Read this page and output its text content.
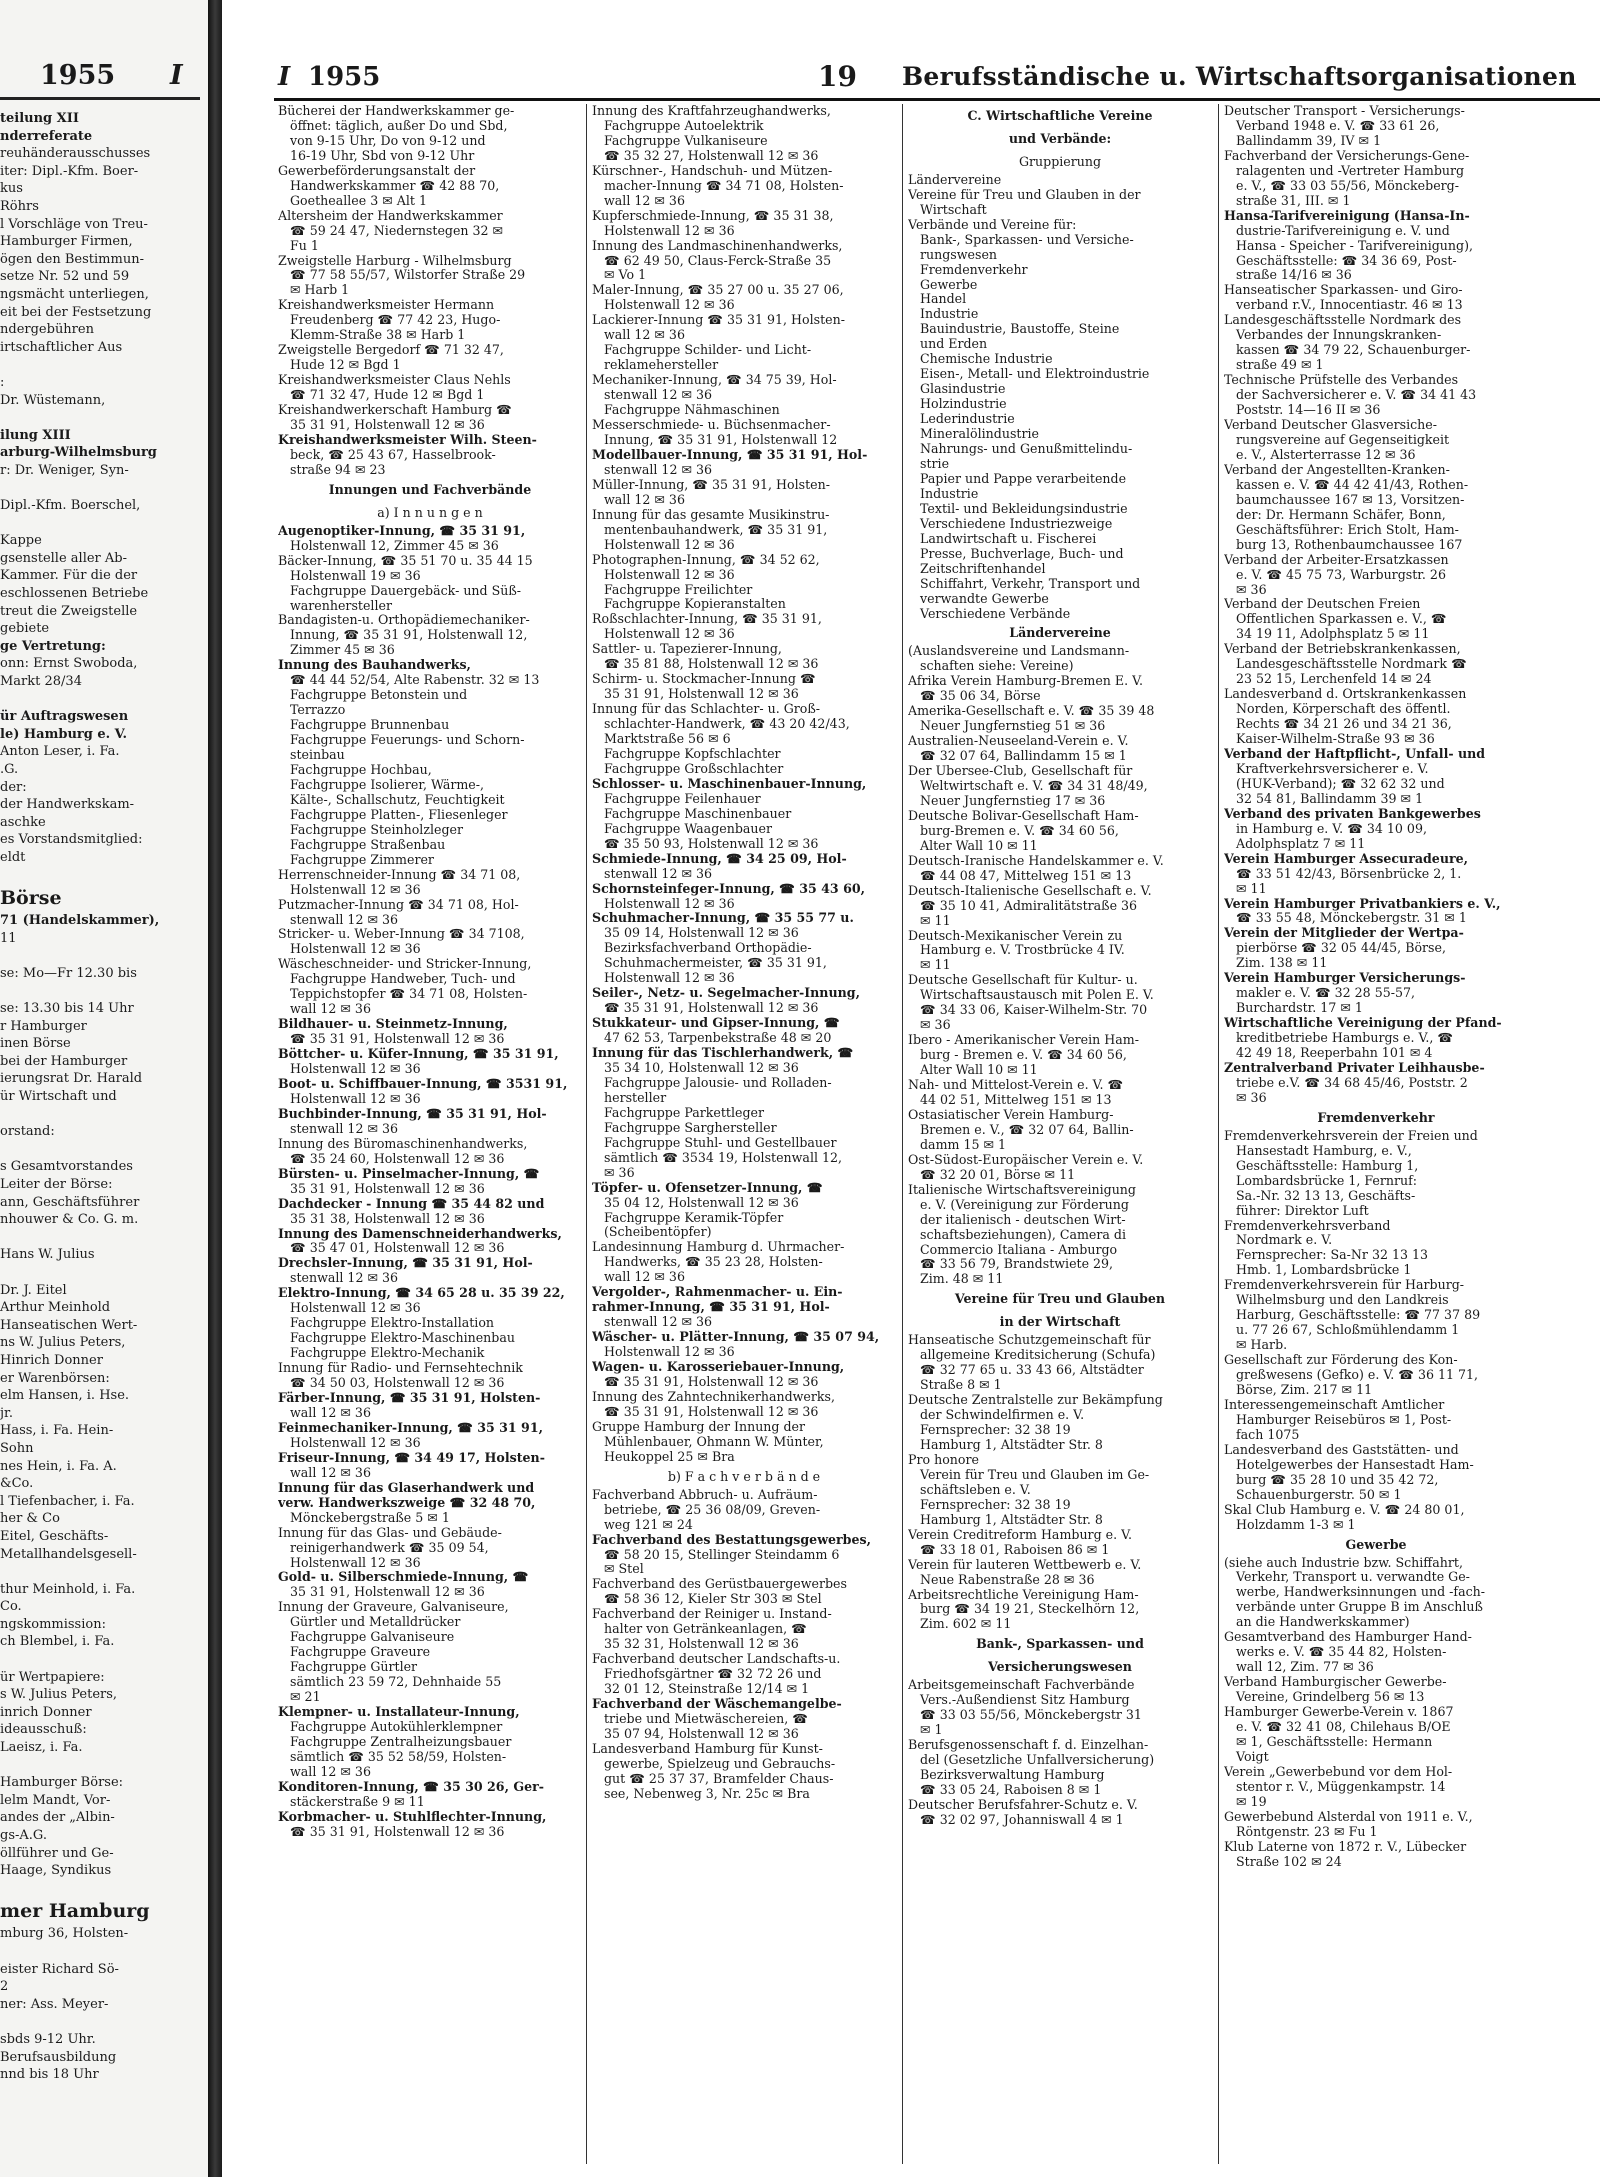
1955 I
teilung XII
nderreferate
reuhänderausschusses
iter: Dipl.-Kfm. Boer-
kus
Röhrs
l Vorschläge von Treu-
Hamburger Firmen,
ögen den Bestimmun-
setze Nr. 52 und 59
ngsmächt unterliegen,
eit bei der Festsetzung
ndergebühren
irtschaftlicher Aus

:
Dr. Wüstemann,

ilung XIII
arburg-Wilhelmsburg
r: Dr. Weniger, Syn-

Dipl.-Kfm. Boerschel,

Kappe
gsenstelle aller Ab-
Kammer. Für die der
eschlossenen Betriebe
treut die Zweigstelle
gebiete
ge Vertretung:
onn: Ernst Swoboda,
Markt 28/34

ür Auftragswesen
le) Hamburg e. V.
Anton Leser, i. Fa.
.G.
der:
der Handwerkskam-
aschke
es Vorstandsmitglied:
eldt

Börse
71 (Handelskammer),
11

se: Mo—Fr 12.30 bis

se: 13.30 bis 14 Uhr
r Hamburger
inen Börse
bei der Hamburger
ierungsrat Dr. Harald
ür Wirtschaft und

orstand:

s Gesamtvorstandes
Leiter der Börse:
ann, Geschäftsführer
nhouwer & Co. G. m.

Hans W. Julius

Dr. J. Eitel
Arthur Meinhold
Hanseatischen Wert-
ns W. Julius Peters,
Hinrich Donner
er Warenbörsen:
elm Hansen, i. Hse.
jr.
Hass, i. Fa. Hein-
Sohn
nes Hein, i. Fa. A.
&Co.
l Tiefenbacher, i. Fa.
her & Co
Eitel, Geschäfts-
Metallhandelsgesell-

thur Meinhold, i. Fa.
Co.
ngskommission:
ch Blembel, i. Fa.

ür Wertpapiere:
s W. Julius Peters,
inrich Donner
ideausschuß:
Laeisz, i. Fa.

Hamburger Börse:
lelm Mandt, Vor-
andes der „Albin-
gs-A.G.
öllführer und Ge-
Haage, Syndikus

mer Hamburg
mburg 36, Holsten-

eister Richard Sö-
2
ner: Ass. Meyer-

sbds 9-12 Uhr.
Berufsausbildung
nnd bis 18 Uhr
I 1955	19 Berufsständische u. Wirtschaftsorganisationen
Bücherei der Handwerkskammer ge-
öffnet: täglich, außer Do und Sbd,
von 9-15 Uhr, Do von 9-12 und
16-19 Uhr, Sbd von 9-12 Uhr
Gewerbeförderungsanstalt der
Handwerkskammer ☎ 42 88 70,
Goetheallee 3 ✉ Alt 1
Altersheim der Handwerkskammer
☎ 59 24 47, Niedernstegen 32 ✉
Fu 1
Zweigstelle Harburg - Wilhelmsburg
☎ 77 58 55/57, Wilstorfer Straße 29
✉ Harb 1
Kreishandwerksmeister Hermann
Freudenberg ☎ 77 42 23, Hugo-
Klemm-Straße 38 ✉ Harb 1
Zweigstelle Bergedorf ☎ 71 32 47,
Hude 12 ✉ Bgd 1
Kreishandwerksmeister Claus Nehls
☎ 71 32 47, Hude 12 ✉ Bgd 1
Kreishandwerkerschaft Hamburg ☎
35 31 91, Holstenwall 12 ✉ 36
Kreishandwerksmeister Wilh. Steen-
beck, ☎ 25 43 67, Hasselbrook-
straße 94 ✉ 23
Innungen und Fachverbände
a) I n n u n g e n
Augenoptiker-Innung, ☎ 35 31 91,
Holstenwall 12, Zimmer 45 ✉ 36
Bäcker-Innung, ☎ 35 51 70 u. 35 44 15
Holstenwall 19 ✉ 36
Fachgruppe Dauergebäck- und Süß-
warenhersteller
Bandagisten-u. Orthopädiemechaniker-
Innung, ☎ 35 31 91, Holstenwall 12,
Zimmer 45 ✉ 36
Innung des Bauhandwerks,
☎ 44 44 52/54, Alte Rabenstr. 32 ✉ 13
Fachgruppe Betonstein und
Terrazzo
Fachgruppe Brunnenbau
Fachgruppe Feuerungs- und Schorn-
steinbau
Fachgruppe Hochbau,
Fachgruppe Isolierer, Wärme-,
Kälte-, Schallschutz, Feuchtigkeit
Fachgruppe Platten-, Fliesenleger
Fachgruppe Steinholzleger
Fachgruppe Straßenbau
Fachgruppe Zimmerer
Herrenschneider-Innung ☎ 34 71 08,
Holstenwall 12 ✉ 36
Putzmacher-Innung ☎ 34 71 08, Hol-
stenwall 12 ✉ 36
Stricker- u. Weber-Innung ☎ 34 7108,
Holstenwall 12 ✉ 36
Wäscheschneider- und Stricker-Innung,
Fachgruppe Handweber, Tuch- und
Teppichstopfer ☎ 34 71 08, Holsten-
wall 12 ✉ 36
Bildhauer- u. Steinmetz-Innung,
☎ 35 31 91, Holstenwall 12 ✉ 36
Böttcher- u. Küfer-Innung, ☎ 35 31 91,
Holstenwall 12 ✉ 36
Boot- u. Schiffbauer-Innung, ☎ 3531 91,
Holstenwall 12 ✉ 36
Buchbinder-Innung, ☎ 35 31 91, Hol-
stenwall 12 ✉ 36
Innung des Büromaschinenhandwerks,
☎ 35 24 60, Holstenwall 12 ✉ 36
Bürsten- u. Pinselmacher-Innung, ☎
35 31 91, Holstenwall 12 ✉ 36
Dachdecker - Innung ☎ 35 44 82 und
35 31 38, Holstenwall 12 ✉ 36
Innung des Damenschneiderhandwerks,
☎ 35 47 01, Holstenwall 12 ✉ 36
Drechsler-Innung, ☎ 35 31 91, Hol-
stenwall 12 ✉ 36
Elektro-Innung, ☎ 34 65 28 u. 35 39 22,
Holstenwall 12 ✉ 36
Fachgruppe Elektro-Installation
Fachgruppe Elektro-Maschinenbau
Fachgruppe Elektro-Mechanik
Innung für Radio- und Fernsehtechnik
☎ 34 50 03, Holstenwall 12 ✉ 36
Färber-Innung, ☎ 35 31 91, Holsten-
wall 12 ✉ 36
Feinmechaniker-Innung, ☎ 35 31 91,
Holstenwall 12 ✉ 36
Friseur-Innung, ☎ 34 49 17, Holsten-
wall 12 ✉ 36
Innung für das Glaserhandwerk und
verw. Handwerkszweige ☎ 32 48 70,
Mönckebergstraße 5 ✉ 1
Innung für das Glas- und Gebäude-
reinigerhandwerk ☎ 35 09 54,
Holstenwall 12 ✉ 36
Gold- u. Silberschmiede-Innung, ☎
35 31 91, Holstenwall 12 ✉ 36
Innung der Graveure, Galvaniseure,
Gürtler und Metalldrücker
Fachgruppe Galvaniseure
Fachgruppe Graveure
Fachgruppe Gürtler
sämtlich 23 59 72, Dehnhaide 55
✉ 21
Klempner- u. Installateur-Innung,
Fachgruppe Autokühlerklempner
Fachgruppe Zentralheizungsbauer
sämtlich ☎ 35 52 58/59, Holsten-
wall 12 ✉ 36
Konditoren-Innung, ☎ 35 30 26, Ger-
stäckerstraße 9 ✉ 11
Korbmacher- u. Stuhlflechter-Innung,
☎ 35 31 91, Holstenwall 12 ✉ 36
Innung des Kraftfahrzeughandwerks,
Fachgruppe Autoelektrik
Fachgruppe Vulkaniseure
☎ 35 32 27, Holstenwall 12 ✉ 36
Kürschner-, Handschuh- und Mützen-
macher-Innung ☎ 34 71 08, Holsten-
wall 12 ✉ 36
Kupferschmiede-Innung, ☎ 35 31 38,
Holstenwall 12 ✉ 36
Innung des Landmaschinenhandwerks,
☎ 62 49 50, Claus-Ferck-Straße 35
✉ Vo 1
Maler-Innung, ☎ 35 27 00 u. 35 27 06,
Holstenwall 12 ✉ 36
Lackierer-Innung ☎ 35 31 91, Holsten-
wall 12 ✉ 36
Fachgruppe Schilder- und Licht-
reklamehersteller
Mechaniker-Innung, ☎ 34 75 39, Hol-
stenwall 12 ✉ 36
Fachgruppe Nähmaschinen
Messerschmiede- u. Büchsenmacher-
Innung, ☎ 35 31 91, Holstenwall 12
Modellbauer-Innung, ☎ 35 31 91, Hol-
stenwall 12 ✉ 36
Müller-Innung, ☎ 35 31 91, Holsten-
wall 12 ✉ 36
Innung für das gesamte Musikinstru-
mentenbauhandwerk, ☎ 35 31 91,
Holstenwall 12 ✉ 36
Photographen-Innung, ☎ 34 52 62,
Holstenwall 12 ✉ 36
Fachgruppe Freilichter
Fachgruppe Kopieranstalten
Roßschlachter-Innung, ☎ 35 31 91,
Holstenwall 12 ✉ 36
Sattler- u. Tapezierer-Innung,
☎ 35 81 88, Holstenwall 12 ✉ 36
Schirm- u. Stockmacher-Innung ☎
35 31 91, Holstenwall 12 ✉ 36
Innung für das Schlachter- u. Groß-
schlachter-Handwerk, ☎ 43 20 42/43,
Marktstraße 56 ✉ 6
Fachgruppe Kopfschlachter
Fachgruppe Großschlachter
Schlosser- u. Maschinenbauer-Innung,
Fachgruppe Feilenhauer
Fachgruppe Maschinenbauer
Fachgruppe Waagenbauer
☎ 35 50 93, Holstenwall 12 ✉ 36
Schmiede-Innung, ☎ 34 25 09, Hol-
stenwall 12 ✉ 36
Schornsteinfeger-Innung, ☎ 35 43 60,
Holstenwall 12 ✉ 36
Schuhmacher-Innung, ☎ 35 55 77 u.
35 09 14, Holstenwall 12 ✉ 36
Bezirksfachverband Orthopädie-
Schuhmachermeister, ☎ 35 31 91,
Holstenwall 12 ✉ 36
Seiler-, Netz- u. Segelmacher-Innung,
☎ 35 31 91, Holstenwall 12 ✉ 36
Stukkateur- und Gipser-Innung, ☎
47 62 53, Tarpenbekstraße 48 ✉ 20
Innung für das Tischlerhandwerk, ☎
35 34 10, Holstenwall 12 ✉ 36
Fachgruppe Jalousie- und Rolladen-
hersteller
Fachgruppe Parkettleger
Fachgruppe Sarghersteller
Fachgruppe Stuhl- und Gestellbauer
sämtlich ☎ 3534 19, Holstenwall 12,
✉ 36
Töpfer- u. Ofensetzer-Innung, ☎
35 04 12, Holstenwall 12 ✉ 36
Fachgruppe Keramik-Töpfer
(Scheibentöpfer)
Landesinnung Hamburg d. Uhrmacher-
Handwerks, ☎ 35 23 28, Holsten-
wall 12 ✉ 36
Vergolder-, Rahmenmacher- u. Ein-
rahmer-Innung, ☎ 35 31 91, Hol-
stenwall 12 ✉ 36
Wäscher- u. Plätter-Innung, ☎ 35 07 94,
Holstenwall 12 ✉ 36
Wagen- u. Karosseriebauer-Innung,
☎ 35 31 91, Holstenwall 12 ✉ 36
Innung des Zahntechnikerhandwerks,
☎ 35 31 91, Holstenwall 12 ✉ 36
Gruppe Hamburg der Innung der
Mühlenbauer, Ohmann W. Münter,
Heukoppel 25 ✉ Bra
b) F a c h v e r b ä n d e
Fachverband Abbruch- u. Aufräum-
betriebe, ☎ 25 36 08/09, Greven-
weg 121 ✉ 24
Fachverband des Bestattungsgewerbes,
☎ 58 20 15, Stellinger Steindamm 6
✉ Stel
Fachverband des Gerüstbauergewerbes
☎ 58 36 12, Kieler Str 303 ✉ Stel
Fachverband der Reiniger u. Instand-
halter von Getränkeanlagen, ☎
35 32 31, Holstenwall 12 ✉ 36
Fachverband deutscher Landschafts-u.
Friedhofsgärtner ☎ 32 72 26 und
32 01 12, Steinstraße 12/14 ✉ 1
Fachverband der Wäschemangelbe-
triebe und Mietwäschereien, ☎
35 07 94, Holstenwall 12 ✉ 36
Landesverband Hamburg für Kunst-
gewerbe, Spielzeug und Gebrauchs-
gut ☎ 25 37 37, Bramfelder Chaus-
see, Nebenweg 3, Nr. 25c ✉ Bra
C. Wirtschaftliche Vereine
und Verbände:
Gruppierung
Ländervereine
Vereine für Treu und Glauben in der
Wirtschaft
Verbände und Vereine für:
Bank-, Sparkassen- und Versiche-
rungswesen
Fremdenverkehr
Gewerbe
Handel
Industrie
Bauindustrie, Baustoffe, Steine
und Erden
Chemische Industrie
Eisen-, Metall- und Elektroindustrie
Glasindustrie
Holzindustrie
Lederindustrie
Mineralölindustrie
Nahrungs- und Genußmittelindu-
strie
Papier und Pappe verarbeitende
Industrie
Textil- und Bekleidungsindustrie
Verschiedene Industriezweige
Landwirtschaft u. Fischerei
Presse, Buchverlage, Buch- und
Zeitschriftenhandel
Schiffahrt, Verkehr, Transport und
verwandte Gewerbe
Verschiedene Verbände
Ländervereine
(Auslandsvereine und Landsmann-
schaften siehe: Vereine)
Afrika Verein Hamburg-Bremen E. V.
☎ 35 06 34, Börse
Amerika-Gesellschaft e. V. ☎ 35 39 48
Neuer Jungfernstieg 51 ✉ 36
Australien-Neuseeland-Verein e. V.
☎ 32 07 64, Ballindamm 15 ✉ 1
Der Übersee-Club, Gesellschaft für
Weltwirtschaft e. V. ☎ 34 31 48/49,
Neuer Jungfernstieg 17 ✉ 36
Deutsche Bolivar-Gesellschaft Ham-
burg-Bremen e. V. ☎ 34 60 56,
Alter Wall 10 ✉ 11
Deutsch-Iranische Handelskammer e. V.
☎ 44 08 47, Mittelweg 151 ✉ 13
Deutsch-Italienische Gesellschaft e. V.
☎ 35 10 41, Admiralitätstraße 36
✉ 11
Deutsch-Mexikanischer Verein zu
Hamburg e. V. Trostbrücke 4 IV.
✉ 11
Deutsche Gesellschaft für Kultur- u.
Wirtschaftsaustausch mit Polen E. V.
☎ 34 33 06, Kaiser-Wilhelm-Str. 70
✉ 36
Ibero - Amerikanischer Verein Ham-
burg - Bremen e. V. ☎ 34 60 56,
Alter Wall 10 ✉ 11
Nah- und Mittelost-Verein e. V. ☎
44 02 51, Mittelweg 151 ✉ 13
Ostasiatischer Verein Hamburg-
Bremen e. V., ☎ 32 07 64, Ballin-
damm 15 ✉ 1
Ost-Südost-Europäischer Verein e. V.
☎ 32 20 01, Börse ✉ 11
Italienische Wirtschaftsvereinigung
e. V. (Vereinigung zur Förderung
der italienisch - deutschen Wirt-
schaftsbeziehungen), Camera di
Commercio Italiana - Amburgo
☎ 33 56 79, Brandstwiete 29,
Zim. 48 ✉ 11
Vereine für Treu und Glauben
in der Wirtschaft
Hanseatische Schutzgemeinschaft für
allgemeine Kreditsicherung (Schufa)
☎ 32 77 65 u. 33 43 66, Altstädter
Straße 8 ✉ 1
Deutsche Zentralstelle zur Bekämpfung
der Schwindelfirmen e. V.
Fernsprecher: 32 38 19
Hamburg 1, Altstädter Str. 8
Pro honore
Verein für Treu und Glauben im Ge-
schäftsleben e. V.
Fernsprecher: 32 38 19
Hamburg 1, Altstädter Str. 8
Verein Creditreform Hamburg e. V.
☎ 33 18 01, Raboisen 86 ✉ 1
Verein für lauteren Wettbewerb e. V.
Neue Rabenstraße 28 ✉ 36
Arbeitsrechtliche Vereinigung Ham-
burg ☎ 34 19 21, Steckelhörn 12,
Zim. 602 ✉ 11
Bank-, Sparkassen- und
Versicherungswesen
Arbeitsgemeinschaft Fachverbände
Vers.-Außendienst Sitz Hamburg
☎ 33 03 55/56, Mönckebergstr 31
✉ 1
Berufsgenossenschaft f. d. Einzelhan-
del (Gesetzliche Unfallversicherung)
Bezirksverwaltung Hamburg
☎ 33 05 24, Raboisen 8 ✉ 1
Deutscher Berufsfahrer-Schutz e. V.
☎ 32 02 97, Johanniswall 4 ✉ 1
Deutscher Transport - Versicherungs-
Verband 1948 e. V. ☎ 33 61 26,
Ballindamm 39, IV ✉ 1
Fachverband der Versicherungs-Gene-
ralagenten und -Vertreter Hamburg
e. V., ☎ 33 03 55/56, Mönckeberg-
straße 31, III. ✉ 1
Hansa-Tarifvereinigung (Hansa-In-
dustrie-Tarifvereinigung e. V. und
Hansa - Speicher - Tarifvereinigung),
Geschäftsstelle: ☎ 34 36 69, Post-
straße 14/16 ✉ 36
Hanseatischer Sparkassen- und Giro-
verband r.V., Innocentiastr. 46 ✉ 13
Landesgeschäftsstelle Nordmark des
Verbandes der Innungskranken-
kassen ☎ 34 79 22, Schauenburger-
straße 49 ✉ 1
Technische Prüfstelle des Verbandes
der Sachversicherer e. V. ☎ 34 41 43
Poststr. 14—16 II ✉ 36
Verband Deutscher Glasversiche-
rungsvereine auf Gegenseitigkeit
e. V., Alsterterrasse 12 ✉ 36
Verband der Angestellten-Kranken-
kassen e. V. ☎ 44 42 41/43, Rothen-
baumchaussee 167 ✉ 13, Vorsitzen-
der: Dr. Hermann Schäfer, Bonn,
Geschäftsführer: Erich Stolt, Ham-
burg 13, Rothenbaumchaussee 167
Verband der Arbeiter-Ersatzkassen
e. V. ☎ 45 75 73, Warburgstr. 26
✉ 36
Verband der Deutschen Freien
Öffentlichen Sparkassen e. V., ☎
34 19 11, Adolphsplatz 5 ✉ 11
Verband der Betriebskrankenkassen,
Landesgeschäftsstelle Nordmark ☎
23 52 15, Lerchenfeld 14 ✉ 24
Landesverband d. Ortskrankenkassen
Norden, Körperschaft des öffentl.
Rechts ☎ 34 21 26 und 34 21 36,
Kaiser-Wilhelm-Straße 93 ✉ 36
Verband der Haftpflicht-, Unfall- und
Kraftverkehrsversicherer e. V.
(HUK-Verband); ☎ 32 62 32 und
32 54 81, Ballindamm 39 ✉ 1
Verband des privaten Bankgewerbes
in Hamburg e. V. ☎ 34 10 09,
Adolphsplatz 7 ✉ 11
Verein Hamburger Assecuradeure,
☎ 33 51 42/43, Börsenbrücke 2, 1.
✉ 11
Verein Hamburger Privatbankiers e. V.,
☎ 33 55 48, Mönckebergstr. 31 ✉ 1
Verein der Mitglieder der Wertpa-
pierbörse ☎ 32 05 44/45, Börse,
Zim. 138 ✉ 11
Verein Hamburger Versicherungs-
makler e. V. ☎ 32 28 55-57,
Burchardstr. 17 ✉ 1
Wirtschaftliche Vereinigung der Pfand-
kreditbetriebe Hamburgs e. V., ☎
42 49 18, Reeperbahn 101 ✉ 4
Zentralverband Privater Leihhausbe-
triebe e.V. ☎ 34 68 45/46, Poststr. 2
✉ 36
Fremdenverkehr
Fremdenverkehrsverein der Freien und
Hansestadt Hamburg, e. V.,
Geschäftsstelle: Hamburg 1,
Lombardsbrücke 1, Fernruf:
Sa.-Nr. 32 13 13, Geschäfts-
führer: Direktor Luft
Fremdenverkehrsverband
Nordmark e. V.
Fernsprecher: Sa-Nr 32 13 13
Hmb. 1, Lombardsbrücke 1
Fremdenverkehrsverein für Harburg-
Wilhelmsburg und den Landkreis
Harburg, Geschäftsstelle: ☎ 77 37 89
u. 77 26 67, Schloßmühlendamm 1
✉ Harb.
Gesellschaft zur Förderung des Kon-
greßwesens (Gefko) e. V. ☎ 36 11 71,
Börse, Zim. 217 ✉ 11
Interessengemeinschaft Amtlicher
Hamburger Reisebüros ✉ 1, Post-
fach 1075
Landesverband des Gaststätten- und
Hotelgewerbes der Hansestadt Ham-
burg ☎ 35 28 10 und 35 42 72,
Schauenburgerstr. 50 ✉ 1
Skal Club Hamburg e. V. ☎ 24 80 01,
Holzdamm 1-3 ✉ 1
Gewerbe
(siehe auch Industrie bzw. Schiffahrt,
Verkehr, Transport u. verwandte Ge-
werbe, Handwerksinnungen und -fach-
verbände unter Gruppe B im Anschluß
an die Handwerkskammer)
Gesamtverband des Hamburger Hand-
werks e. V. ☎ 35 44 82, Holsten-
wall 12, Zim. 77 ✉ 36
Verband Hamburgischer Gewerbe-
Vereine, Grindelberg 56 ✉ 13
Hamburger Gewerbe-Verein v. 1867
e. V. ☎ 32 41 08, Chilehaus B/OE
✉ 1, Geschäftsstelle: Hermann
Voigt
Verein „Gewerbebund vor dem Hol-
stentor r. V., Müggenkampstr. 14
✉ 19
Gewerbebund Alsterdal von 1911 e. V.,
Röntgenstr. 23 ✉ Fu 1
Klub Laterne von 1872 r. V., Lübecker
Straße 102 ✉ 24
